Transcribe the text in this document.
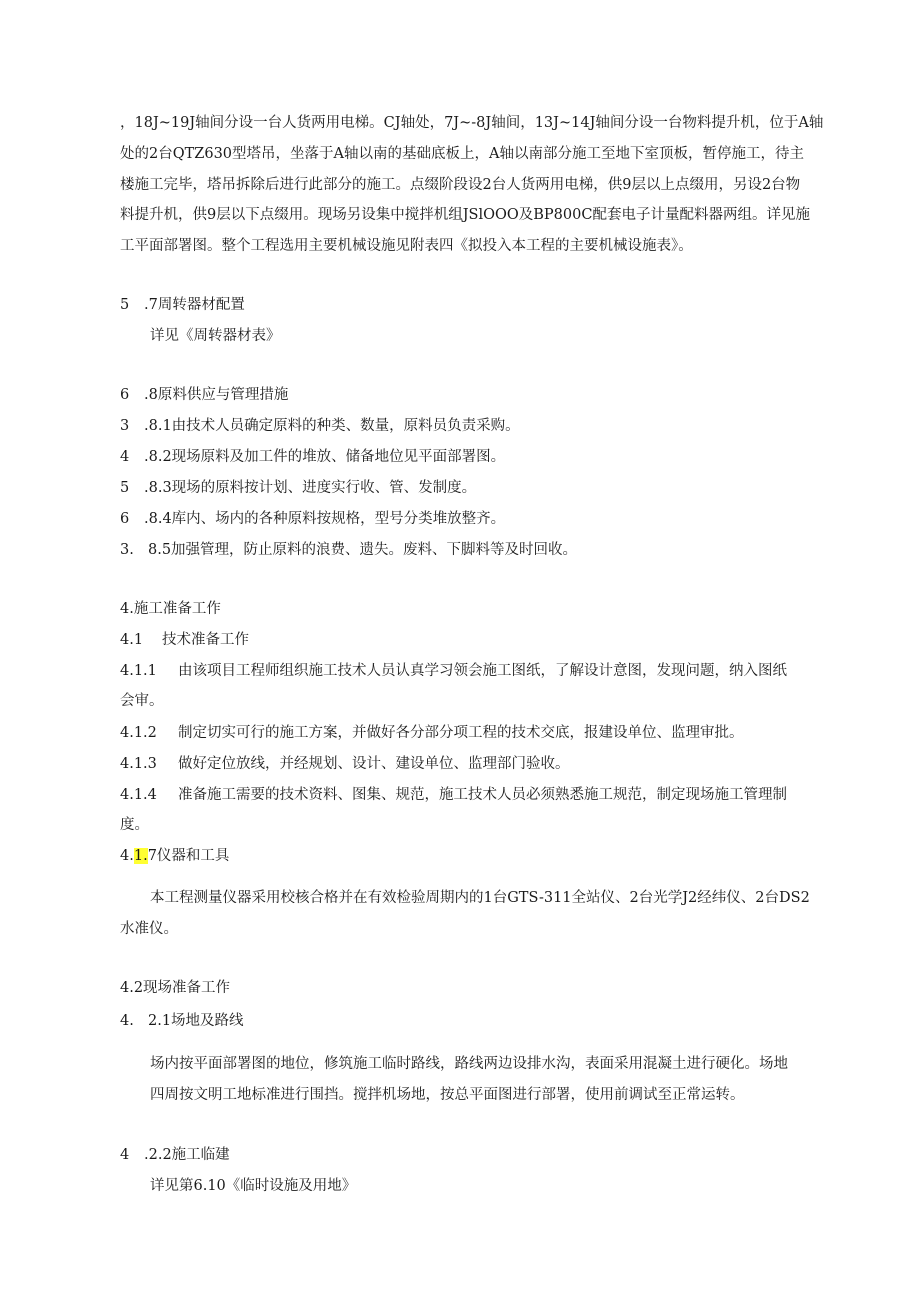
，18J~19J轴间分设一台人货两用电梯。CJ轴处，7J~-8J轴间，13J~14J轴间分设一台物料提升机，位于A轴
处的2台QTZ630型塔吊，坐落于A轴以南的基础底板上，A轴以南部分施工至地下室顶板，暂停施工，待主
楼施工完毕，塔吊拆除后进行此部分的施工。点缀阶段设2台人货两用电梯，供9层以上点缀用，另设2台物
料提升机，供9层以下点缀用。现场另设集中搅拌机组JSlOOO及BP800C配套电子计量配料器两组。详见施
工平面部署图。整个工程选用主要机械设施见附表四《拟投入本工程的主要机械设施表》。
5 .7周转器材配置
详见《周转器材表》
6 .8原料供应与管理措施
3 .8.1由技术人员确定原料的种类、数量，原料员负责采购。
4 .8.2现场原料及加工件的堆放、储备地位见平面部署图。
5 .8.3现场的原料按计划、进度实行收、管、发制度。
6 .8.4库内、场内的各种原料按规格，型号分类堆放整齐。
3. 8.5加强管理，防止原料的浪费、遗失。废料、下脚料等及时回收。
4.施工准备工作
4.1 技术准备工作
4.1.1 由该项目工程师组织施工技术人员认真学习领会施工图纸，了解设计意图，发现问题，纳入图纸
会审。
4.1.2 制定切实可行的施工方案，并做好各分部分项工程的技术交底，报建设单位、监理审批。
4.1.3 做好定位放线，并经规划、设计、建设单位、监理部门验收。
4.1.4 准备施工需要的技术资料、图集、规范，施工技术人员必须熟悉施工规范，制定现场施工管理制
度。
4.1.7仪器和工具
本工程测量仪器采用校核合格并在有效检验周期内的1台GTS-311全站仪、2台光学J2经纬仪、2台DS2
水准仪。
4.2现场准备工作
4. 2.1场地及路线
场内按平面部署图的地位，修筑施工临时路线，路线两边设排水沟，表面采用混凝土进行硬化。场地
四周按文明工地标准进行围挡。搅拌机场地，按总平面图进行部署，使用前调试至正常运转。
4 .2.2施工临建
详见第6.10《临时设施及用地》
